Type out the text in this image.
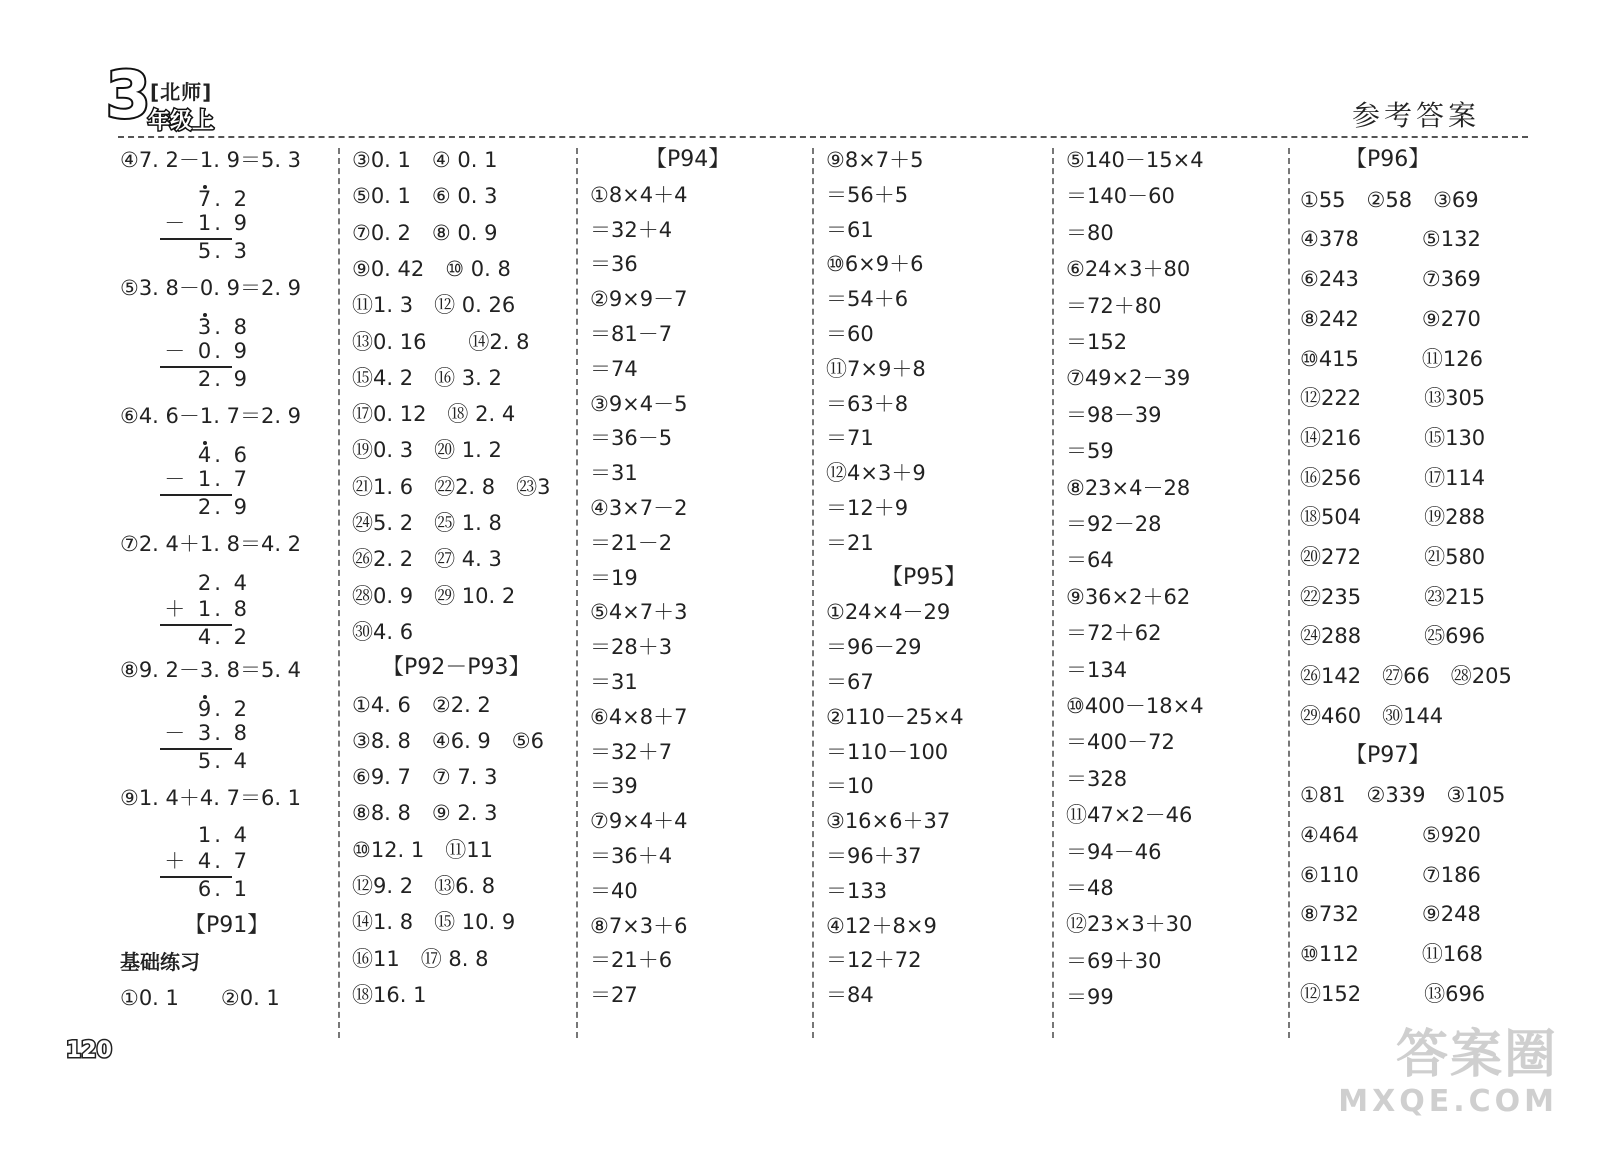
3 [北师]
年级上	参考答案
④7. 2－1. 9＝5. 3
7. 2
－ 1. 9
5. 3
⑤3. 8－0. 9＝2. 9
3. 8
－ 0. 9
2. 9
⑥4. 6－1. 7＝2. 9
4. 6
－ 1. 7
2. 9
⑦2. 4＋1. 8＝4. 2
2. 4
＋ 1. 8
4. 2
⑧9. 2－3. 8＝5. 4
9. 2
－ 3. 8
5. 4
⑨1. 4＋4. 7＝6. 1
1. 4
＋ 4. 7
6. 1
【P91】
基础练习
①0. 1　　②0. 1
③0. 1　④ 0. 1
⑤0. 1　⑥ 0. 3
⑦0. 2　⑧ 0. 9
⑨0. 42　⑩ 0. 8
⑪1. 3　⑫ 0. 26
⑬0. 16　　⑭2. 8
⑮4. 2　⑯ 3. 2
⑰0. 12　⑱ 2. 4
⑲0. 3　⑳ 1. 2
㉑1. 6　㉒2. 8　㉓3
㉔5. 2　㉕ 1. 8
㉖2. 2　㉗ 4. 3
㉘0. 9　㉙ 10. 2
㉚4. 6
【P92－P93】
①4. 6　②2. 2
③8. 8　④6. 9　⑤6
⑥9. 7　⑦ 7. 3
⑧8. 8　⑨ 2. 3
⑩12. 1　⑪11
⑫9. 2　⑬6. 8
⑭1. 8　⑮ 10. 9
⑯11　⑰ 8. 8
⑱16. 1
【P94】
①8×4＋4
＝32＋4
＝36
②9×9－7
＝81－7
＝74
③9×4－5
＝36－5
＝31
④3×7－2
＝21－2
＝19
⑤4×7＋3
＝28＋3
＝31
⑥4×8＋7
＝32＋7
＝39
⑦9×4＋4
＝36＋4
＝40
⑧7×3＋6
＝21＋6
＝27
⑨8×7＋5
＝56＋5
＝61
⑩6×9＋6
＝54＋6
＝60
⑪7×9＋8
＝63＋8
＝71
⑫4×3＋9
＝12＋9
＝21
【P95】
①24×4－29
＝96－29
＝67
②110－25×4
＝110－100
＝10
③16×6＋37
＝96＋37
＝133
④12＋8×9
＝12＋72
＝84
⑤140－15×4
＝140－60
＝80
⑥24×3＋80
＝72＋80
＝152
⑦49×2－39
＝98－39
＝59
⑧23×4－28
＝92－28
＝64
⑨36×2＋62
＝72＋62
＝134
⑩400－18×4
＝400－72
＝328
⑪47×2－46
＝94－46
＝48
⑫23×3＋30
＝69＋30
＝99
【P96】
①55　②58　③69
④378　　　⑤132
⑥243　　　⑦369
⑧242　　　⑨270
⑩415　　　⑪126
⑫222　　　⑬305
⑭216　　　⑮130
⑯256　　　⑰114
⑱504　　　⑲288
⑳272　　　㉑580
㉒235　　　㉓215
㉔288　　　㉕696
㉖142　㉗66　㉘205
㉙460　㉚144
【P97】
①81　②339　③105
④464　　　⑤920
⑥110　　　⑦186
⑧732　　　⑨248
⑩112　　　⑪168
⑫152　　　⑬696
120	答案圈
MXQE.COM
